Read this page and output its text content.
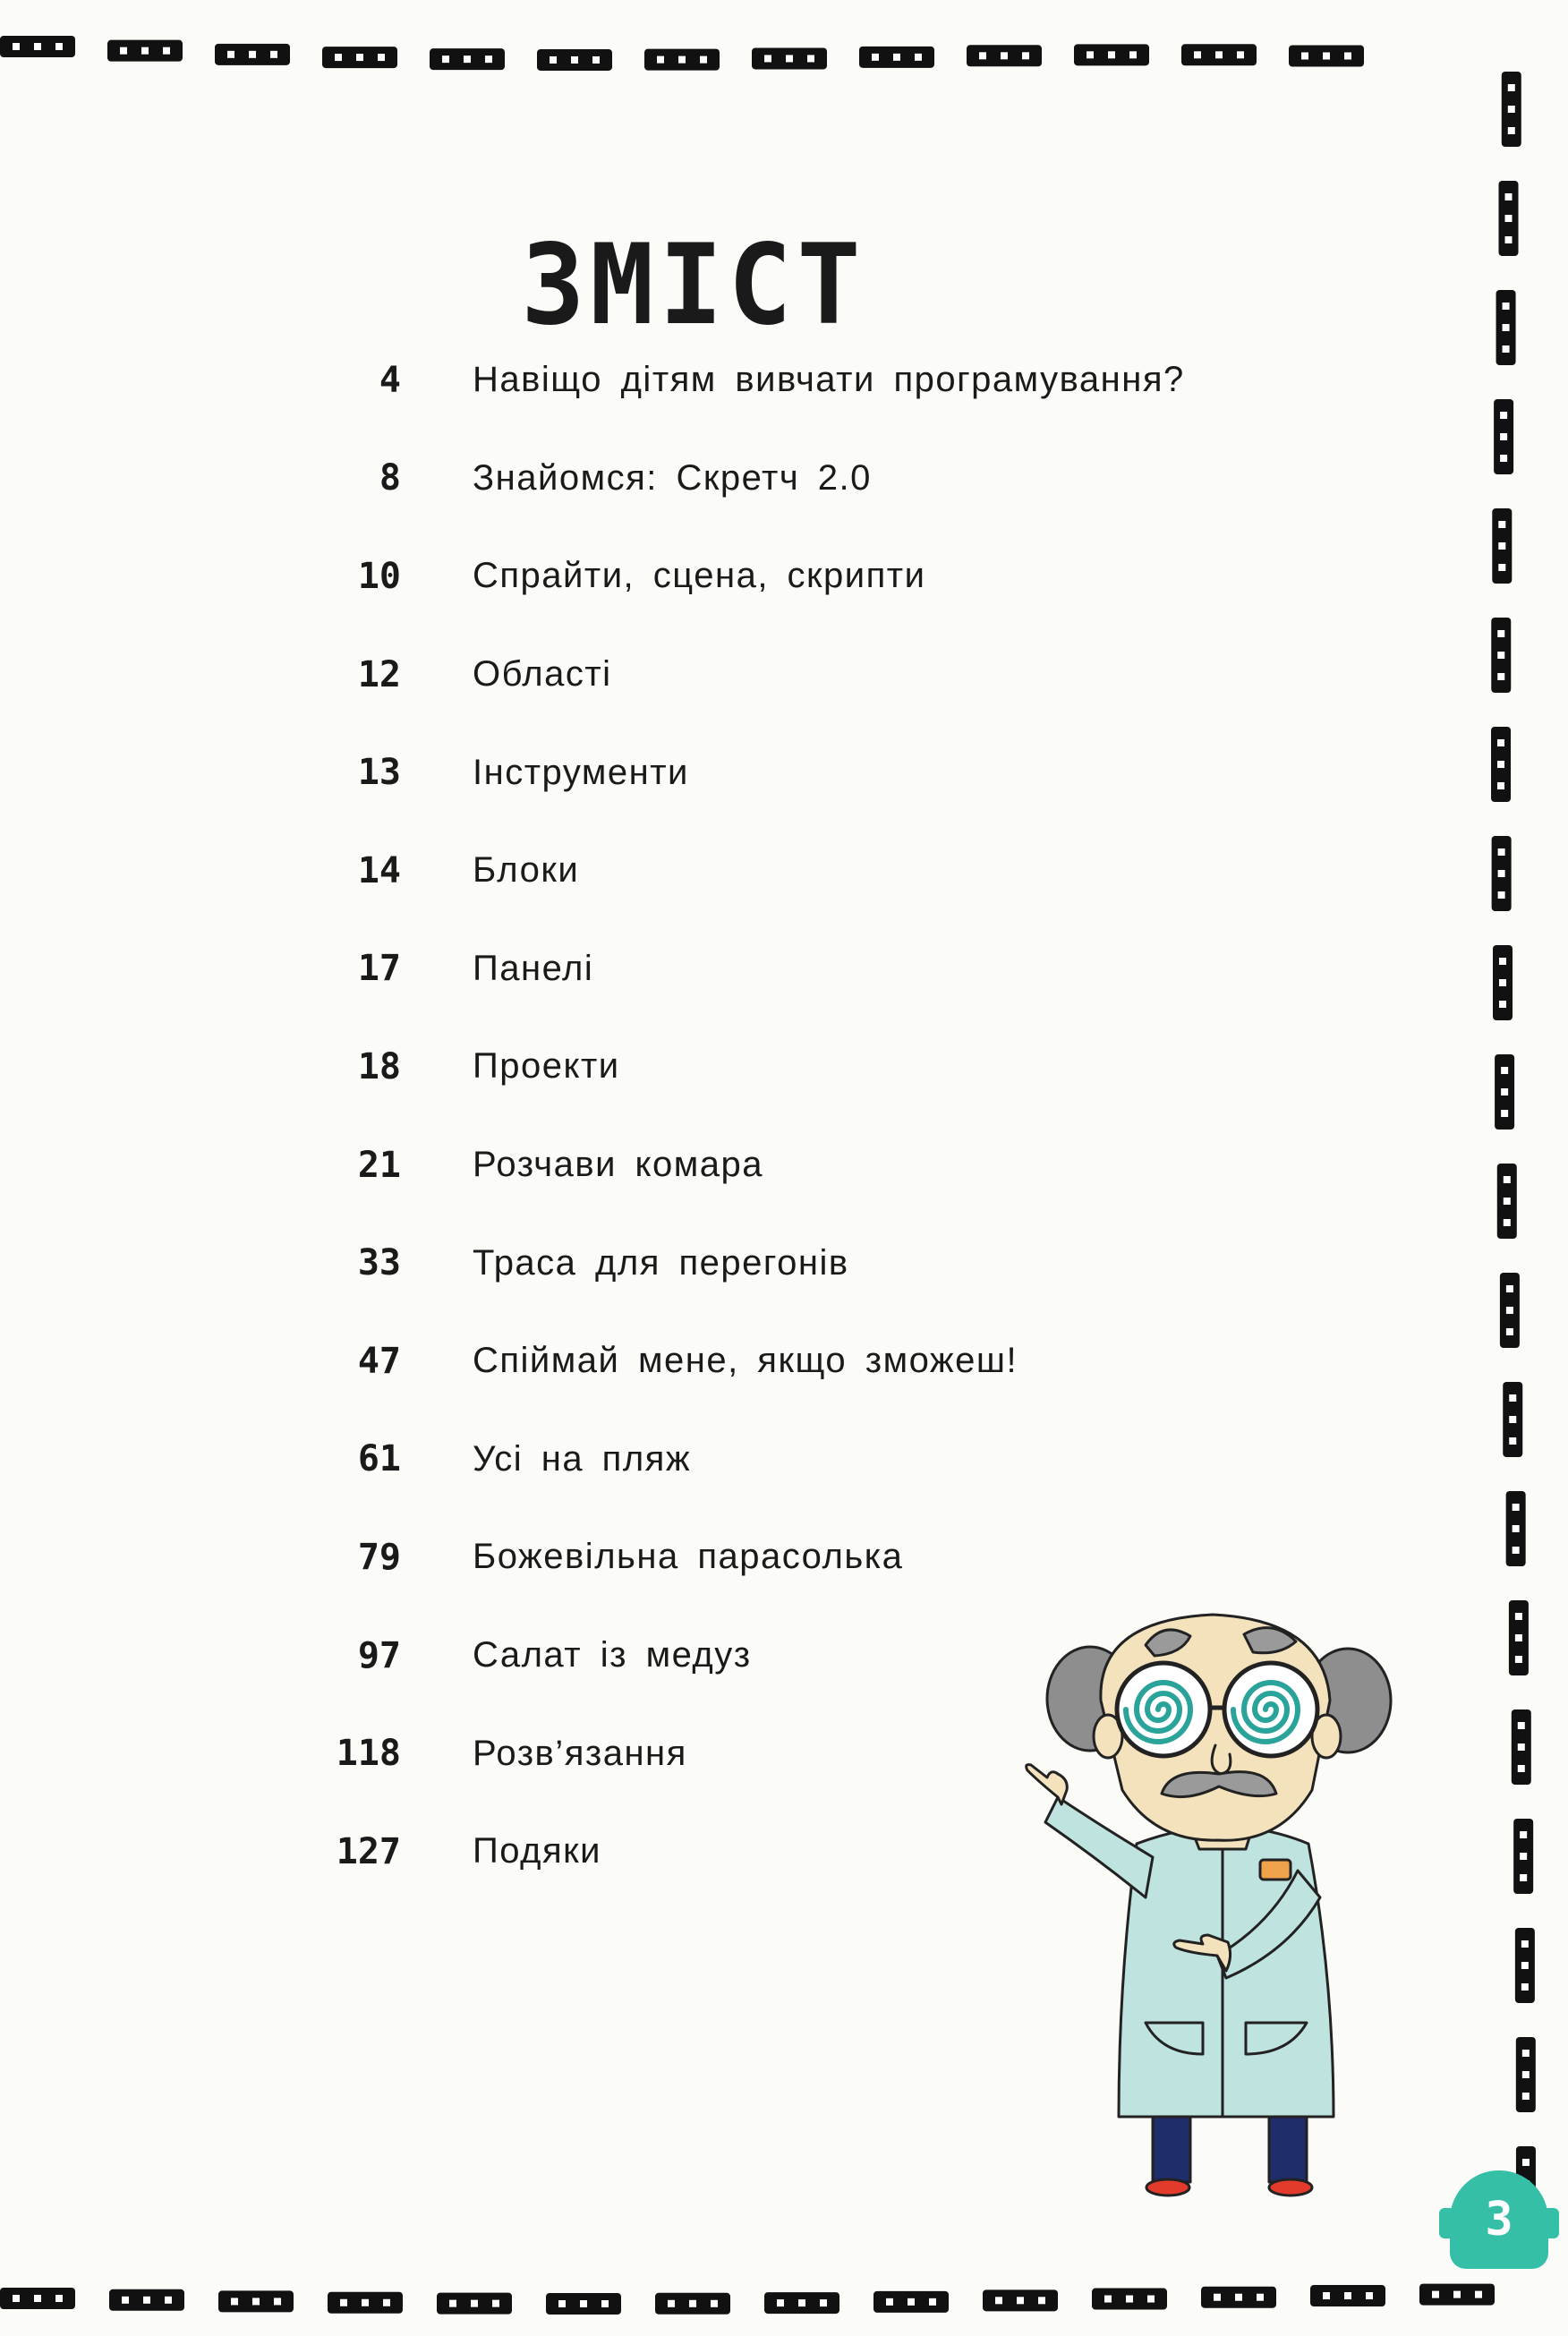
ЗМІСТ
4 Навіщо дітям вивчати програмування?
8 Знайомся: Скретч 2.0
10 Спрайти, сцена, скрипти
12 Області
13 Інструменти
14 Блоки
17 Панелі
18 Проекти
21 Розчави комара
33 Траса для перегонів
47 Спіймай мене, якщо зможеш!
61 Усі на пляж
79 Божевільна парасолька
97 Салат із медуз
118 Розв’язання
127 Подяки
3
